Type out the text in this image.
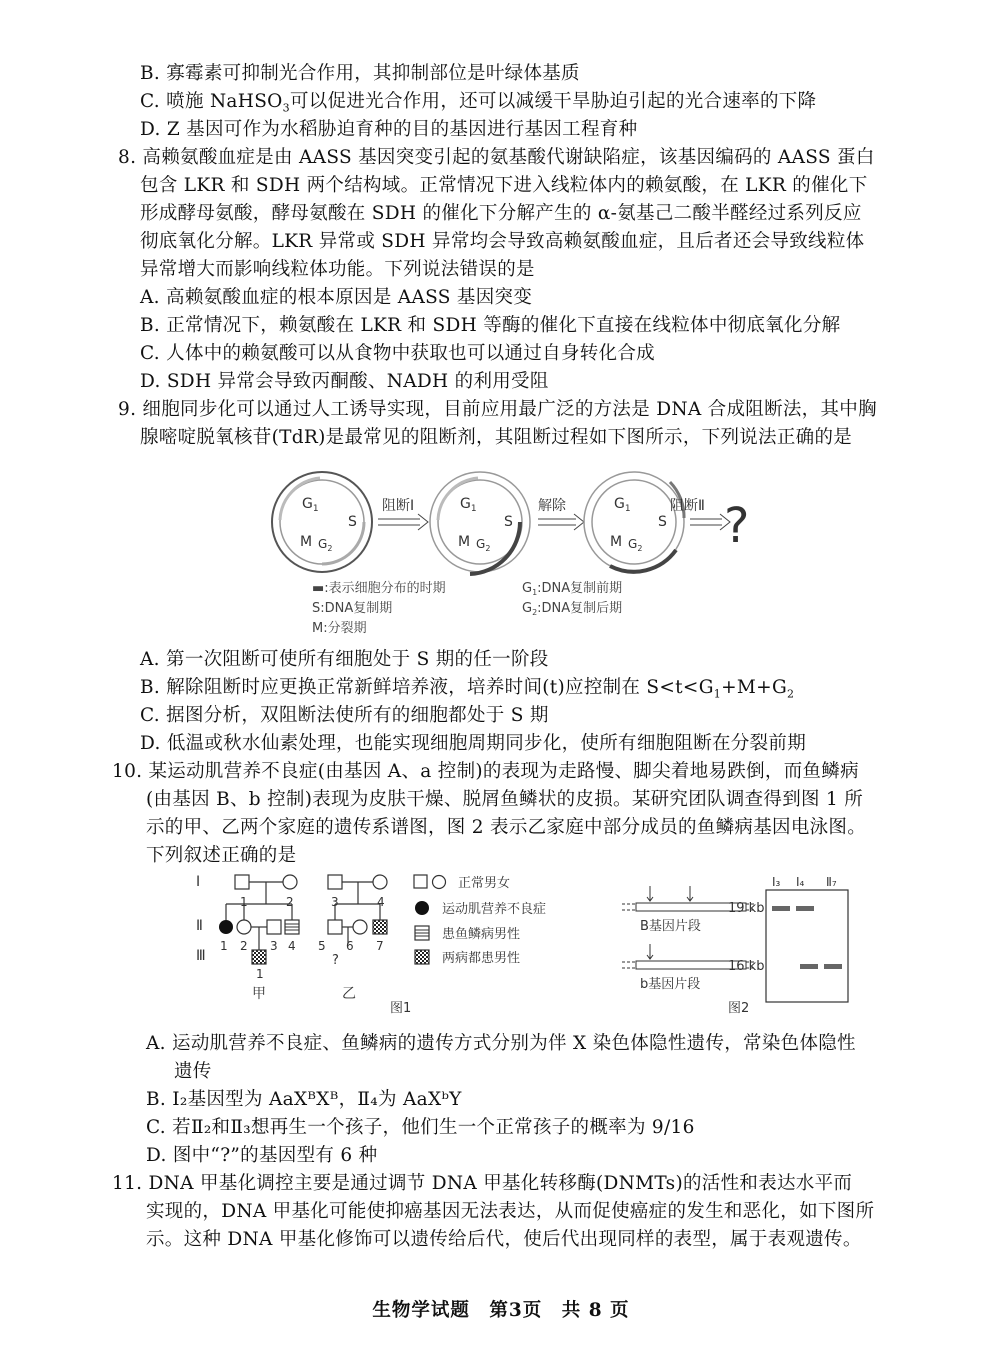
B. 寡霉素可抑制光合作用，其抑制部位是叶绿体基质
C. 喷施 NaHSO$_3$可以促进光合作用，还可以减缓干旱胁迫引起的光合速率的下降
D. Z 基因可作为水稻胁迫育种的目的基因进行基因工程育种
8. 高赖氨酸血症是由 AASS 基因突变引起的氨基酸代谢缺陷症，该基因编码的 AASS 蛋白
包含 LKR 和 SDH 两个结构域。正常情况下进入线粒体内的赖氨酸，在 LKR 的催化下
形成酵母氨酸，酵母氨酸在 SDH 的催化下分解产生的 α-氨基己二酸半醛经过系列反应
彻底氧化分解。LKR 异常或 SDH 异常均会导致高赖氨酸血症，且后者还会导致线粒体
异常增大而影响线粒体功能。下列说法错误的是
A. 高赖氨酸血症的根本原因是 AASS 基因突变
B. 正常情况下，赖氨酸在 LKR 和 SDH 等酶的催化下直接在线粒体中彻底氧化分解
C. 人体中的赖氨酸可以从食物中获取也可以通过自身转化合成
D. SDH 异常会导致丙酮酸、NADH 的利用受阻
9. 细胞同步化可以通过人工诱导实现，目前应用最广泛的方法是 DNA 合成阻断法，其中胸
腺嘧啶脱氧核苷(TdR)是最常见的阻断剂，其阻断过程如下图所示，下列说法正确的是
$G_1$
S
M $G_2$
阻断Ⅰ	$G_1$
S
M $G_2$
解除	$G_1$
S
M $G_2$
阻断Ⅱ ?
▬:表示细胞分布的时期
S:DNA复制期
M:分裂期
$G_1:DNA$复制前期
$G_2:DNA$复制后期
A. 第一次阻断可使所有细胞处于 S 期的任一阶段
B. 解除阻断时应更换正常新鲜培养液，培养时间(t)应控制在 $S<t<G_1+M+G_2$
C. 据图分析，双阻断法使所有的细胞都处于 S 期
D. 低温或秋水仙素处理，也能实现细胞周期同步化，使所有细胞阻断在分裂前期
10. 某运动肌营养不良症(由基因 A、a 控制)的表现为走路慢、脚尖着地易跌倒，而鱼鳞病
(由基因 B、b 控制)表现为皮肤干燥、脱屑鱼鳞状的皮损。某研究团队调查得到图 1 所
示的甲、乙两个家庭的遗传系谱图，图 2 表示乙家庭中部分成员的鱼鳞病基因电泳图。
下列叙述正确的是
Ⅰ
Ⅱ
Ⅲ
1	2
1 2 3 4
1
甲
3	4
5 6 7
?
乙
正常男女
运动肌营养不良症
患鱼鳞病男性
两病都患男性
图1
19 kb
B基因片段
16 kb
b基因片段
图2
Ⅰ₃ Ⅰ₄ Ⅱ₇
A. 运动肌营养不良症、鱼鳞病的遗传方式分别为伴 X 染色体隐性遗传，常染色体隐性
遗传
B. Ⅰ₂基因型为 AaXᴮXᴮ，Ⅱ₄为 AaXᵇY
C. 若Ⅱ₂和Ⅱ₃想再生一个孩子，他们生一个正常孩子的概率为 9/16
D. 图中“?”的基因型有 6 种
11. DNA 甲基化调控主要是通过调节 DNA 甲基化转移酶(DNMTs)的活性和表达水平而
实现的，DNA 甲基化可能使抑癌基因无法表达，从而促使癌症的发生和恶化，如下图所
示。这种 DNA 甲基化修饰可以遗传给后代，使后代出现同样的表型，属于表观遗传。
生物学试题　第3页　共 8 页
